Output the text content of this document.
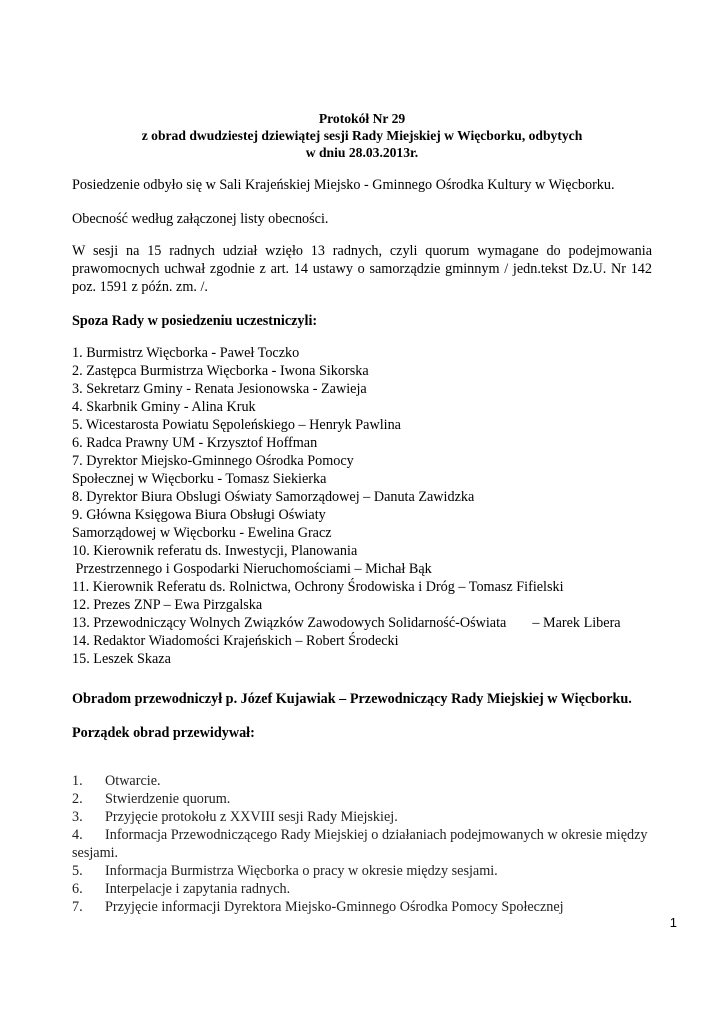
Protokół Nr 29
z obrad dwudziestej dziewiątej sesji Rady Miejskiej w Więcborku, odbytych
w dniu 28.03.2013r.
Posiedzenie odbyło się w Sali Krajeńskiej Miejsko - Gminnego Ośrodka Kultury w Więcborku.
Obecność według załączonej listy obecności.
W sesji na 15 radnych udział wzięło 13 radnych, czyli quorum wymagane do podejmowania prawomocnych uchwał zgodnie z art. 14 ustawy o samorządzie gminnym / jedn.tekst Dz.U. Nr 142 poz. 1591 z późn. zm. /.
Spoza Rady w posiedzeniu uczestniczyli:
1. Burmistrz Więcborka - Paweł Toczko
2. Zastępca Burmistrza Więcborka - Iwona Sikorska
3. Sekretarz Gminy - Renata Jesionowska - Zawieja
4. Skarbnik Gminy - Alina Kruk
5. Wicestarosta Powiatu Sępoleńskiego – Henryk Pawlina
6. Radca Prawny UM - Krzysztof Hoffman
7. Dyrektor Miejsko-Gminnego Ośrodka Pomocy
Społecznej w Więcborku - Tomasz Siekierka
8. Dyrektor Biura Obslugi Oświaty Samorządowej – Danuta Zawidzka
9. Główna Księgowa Biura Obsługi Oświaty
Samorządowej w Więcborku - Ewelina Gracz
10. Kierownik referatu ds. Inwestycji, Planowania
Przestrzennego i Gospodarki Nieruchomościami – Michał Bąk
11. Kierownik Referatu ds. Rolnictwa, Ochrony Środowiska i Dróg – Tomasz Fifielski
12. Prezes ZNP – Ewa Pirzgalska
13. Przewodniczący Wolnych Związków Zawodowych Solidarność-Oświata – Marek Libera
14. Redaktor Wiadomości Krajeńskich – Robert Środecki
15. Leszek Skaza
Obradom przewodniczył p. Józef Kujawiak – Przewodniczący Rady Miejskiej w Więcborku.
Porządek obrad przewidywał:
1.	Otwarcie.
2.	Stwierdzenie quorum.
3.	Przyjęcie protokołu z XXVIII sesji Rady Miejskiej.
4. Informacja Przewodniczącego Rady Miejskiej o działaniach podejmowanych w okresie między sesjami.
5.	Informacja Burmistrza Więcborka o pracy w okresie między sesjami.
6.	Interpelacje i zapytania radnych.
7.	Przyjęcie informacji Dyrektora Miejsko-Gminnego Ośrodka Pomocy Społecznej
1
